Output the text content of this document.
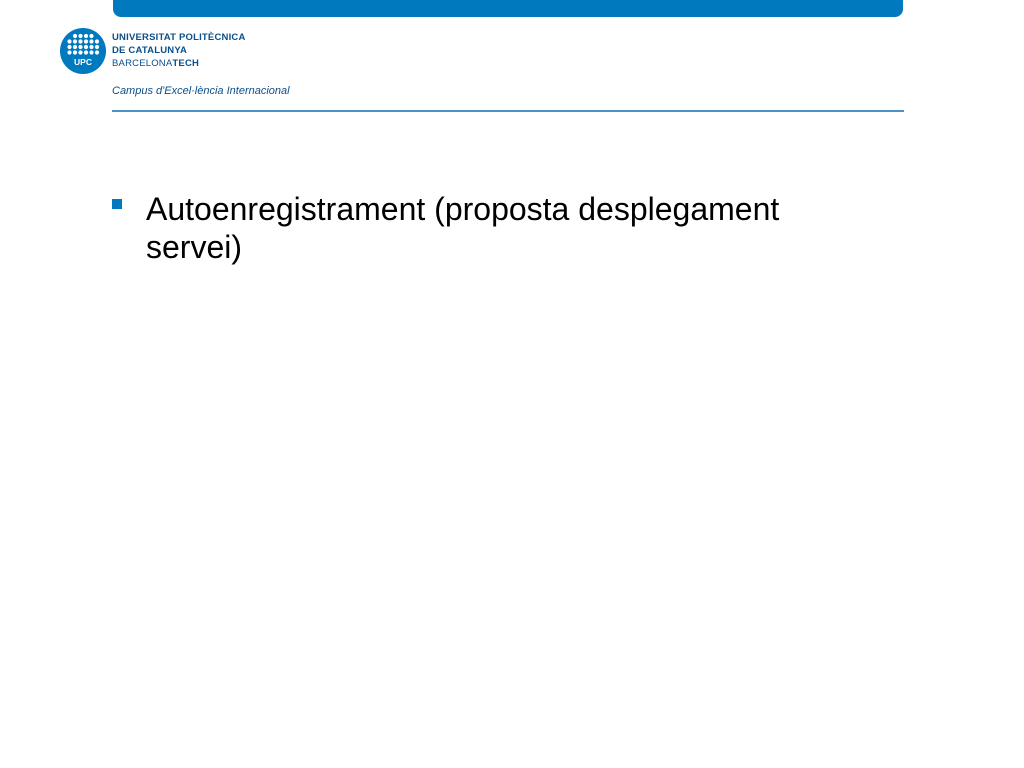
UPC
UNIVERSITAT POLITÈCNICA
DE CATALUNYA
BARCELONATECH
Campus d'Excel·lència Internacional
Autoenregistrament (proposta desplegament servei)
